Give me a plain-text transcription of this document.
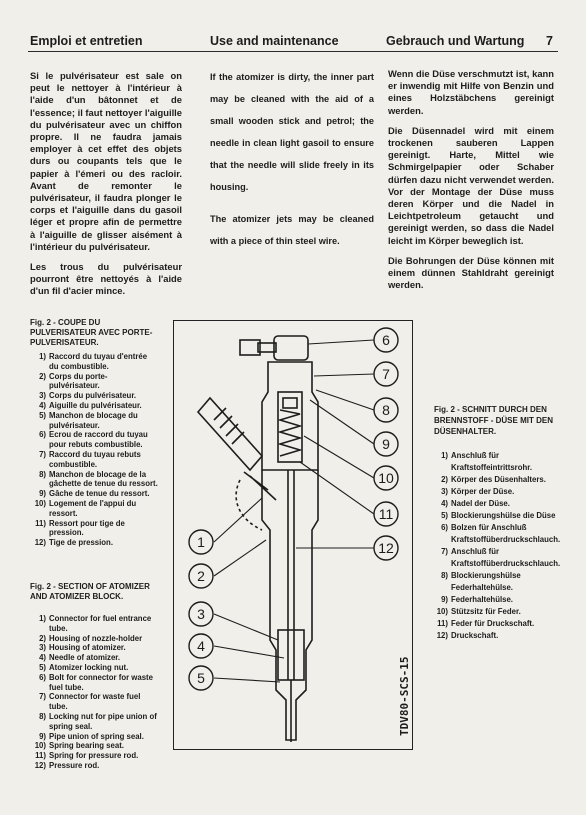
Emploi et entretien	Use and maintenance	Gebrauch und Wartung 7

Si le pulvérisateur est sale on peut le nettoyer à l'intérieur à l'aide d'un bâtonnet et de l'essence; il faut nettoyer l'aiguille du pulvérisateur avec un chiffon propre. Il ne faudra jamais employer à cet effet des objets durs ou coupants tels que le papier à l'émeri ou des racloir. Avant de remonter le pulvérisateur, il faudra plonger le corps et l'aiguille dans du gasoil léger et propre afin de permettre à l'aiguille de glisser aisément à l'intérieur du pulvérisateur.

Les trous du pulvérisateur pourront être nettoyés à l'aide d'un fil d'acier mince.

If the atomizer is dirty, the inner part may be cleaned with the aid of a small wooden stick and petrol; the needle in clean light gasoil to ensure that the needle will slide freely in its housing.

The atomizer jets may be cleaned with a piece of thin steel wire.

Wenn die Düse verschmutzt ist, kann er inwendig mit Hilfe von Benzin und eines Holzstäbchens gereinigt werden.

Die Düsennadel wird mit einem trockenen sauberen Lappen gereinigt. Harte, Mittel wie Schmirgelpapier oder Schaber dürfen dazu nicht verwendet werden. Vor der Montage der Düse muss deren Körper und die Nadel in Leichtpetroleum getaucht und gereinigt werden, so dass die Nadel leicht im Körper beweglich ist.

Die Bohrungen der Düse können mit einem dünnen Stahldraht gereinigt werden.

Fig. 2 - COUPE DU PULVERISATEUR AVEC PORTE-PULVERISATEUR.
1) Raccord du tuyau d'entrée du combustible.
2) Corps du porte-pulvérisateur.
3) Corps du pulvérisateur.
4) Aiguille du pulvérisateur.
5) Manchon de blocage du pulvérisateur.
6) Ecrou de raccord du tuyau pour rebuts combustible.
7) Raccord du tuyau rebuts combustible.
8) Manchon de blocage de la gâchette de tenue du ressort.
9) Gâche de tenue du ressort.
10) Logement de l'appui du ressort.
11) Ressort pour tige de pression.
12) Tige de pression.
Fig. 2 - SECTION OF ATOMIZER AND ATOMIZER BLOCK.
1) Connector for fuel entrance tube.
2) Housing of nozzle-holder
3) Housing of atomizer.
4) Needle of atomizer.
5) Atomizer locking nut.
6) Bolt for connector for waste fuel tube.
7) Connector for waste fuel tube.
8) Locking nut for pipe union of spring seal.
9) Pipe union of spring seal.
10) Spring bearing seat.
11) Spring for pressure rod.
12) Pressure rod.
Fig. 2 - SCHNITT DURCH DEN BRENNSTOFF - DÜSE MIT DEN DÜSENHALTER.
1) Anschluß für Kraftstoffeintrittsrohr.
2) Körper des Düsenhalters.
3) Körper der Düse.
4) Nadel der Düse.
5) Blockierungshülse die Düse
6) Bolzen für Anschluß Kraftstoffüberdruckschlauch.
7) Anschluß für Kraftstoffüberdruckschlauch.
8) Blockierungshülse Federhaltehülse.
9) Federhaltehülse.
10) Stützsitz für Feder.
11) Feder für Druckschaft.
12) Druckschaft.
6
7
8
9
10
11
12
1
2
3
4
5	TDV80-SCS-15
